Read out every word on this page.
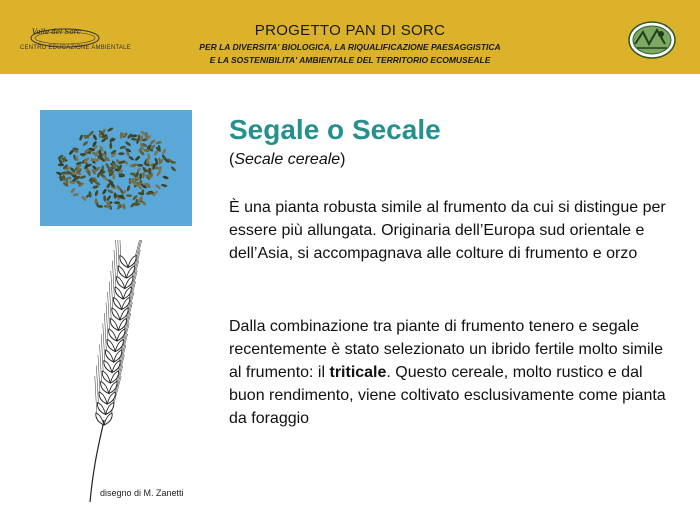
Valle del Sorc
CENTRO EDUCAZIONE AMBIENTALE
PROGETTO PAN DI SORC
PER LA DIVERSITA' BIOLOGICA, LA RIQUALIFICAZIONE PAESAGGISTICA
E LA SOSTENIBILITA' AMBIENTALE DEL TERRITORIO ECOMUSEALE
disegno di M. Zanetti
Segale o Secale
(Secale cereale)
È una pianta robusta simile al frumento da cui si distingue per essere più allungata. Originaria dell’Europa sud orientale e dell’Asia, si accompagnava alle colture di frumento e orzo
Dalla combinazione tra piante di frumento tenero e segale recentemente è stato selezionato un ibrido fertile molto simile al frumento: il triticale. Questo cereale, molto rustico e dal buon rendimento, viene coltivato esclusivamente come pianta da foraggio
